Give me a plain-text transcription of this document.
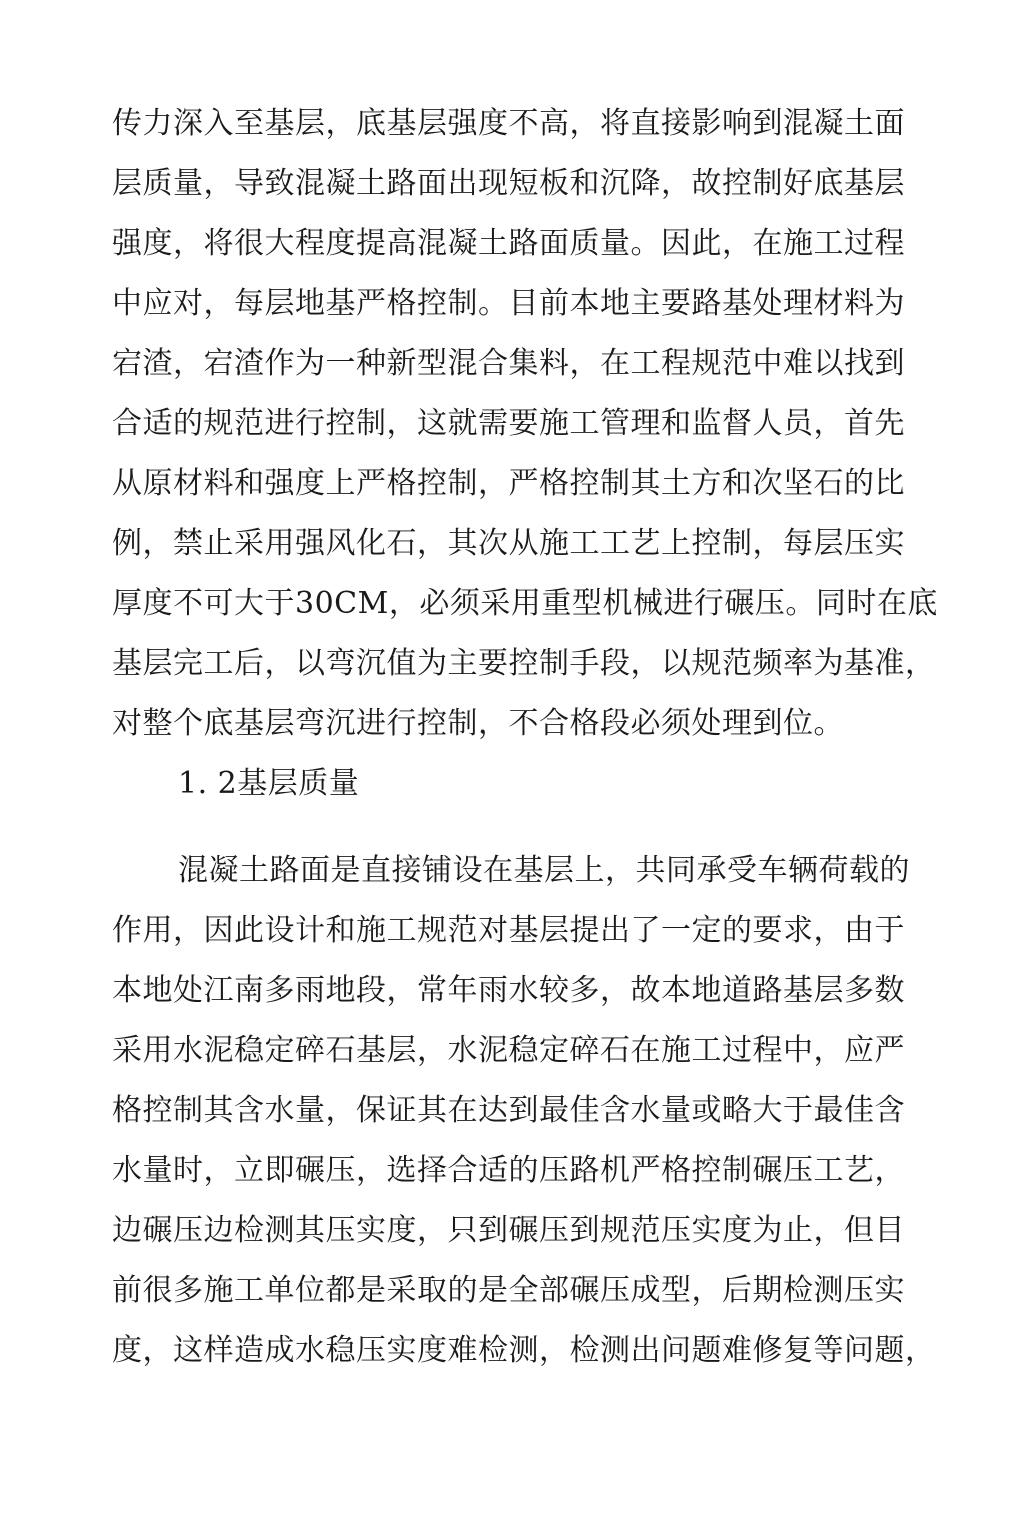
传力深入至基层，底基层强度不高，将直接影响到混凝土面
层质量，导致混凝土路面出现短板和沉降，故控制好底基层
强度，将很大程度提高混凝土路面质量。因此，在施工过程
中应对，每层地基严格控制。目前本地主要路基处理材料为
宕渣，宕渣作为一种新型混合集料，在工程规范中难以找到
合适的规范进行控制，这就需要施工管理和监督人员，首先
从原材料和强度上严格控制，严格控制其土方和次坚石的比
例，禁止采用强风化石，其次从施工工艺上控制，每层压实
厚度不可大于30CM，必须采用重型机械进行碾压。同时在底
基层完工后，以弯沉值为主要控制手段，以规范频率为基准，
对整个底基层弯沉进行控制，不合格段必须处理到位。
1. 2基层质量
混凝土路面是直接铺设在基层上，共同承受车辆荷载的
作用，因此设计和施工规范对基层提出了一定的要求，由于
本地处江南多雨地段，常年雨水较多，故本地道路基层多数
采用水泥稳定碎石基层，水泥稳定碎石在施工过程中，应严
格控制其含水量，保证其在达到最佳含水量或略大于最佳含
水量时，立即碾压，选择合适的压路机严格控制碾压工艺，
边碾压边检测其压实度，只到碾压到规范压实度为止，但目
前很多施工单位都是采取的是全部碾压成型，后期检测压实
度，这样造成水稳压实度难检测，检测出问题难修复等问题，
